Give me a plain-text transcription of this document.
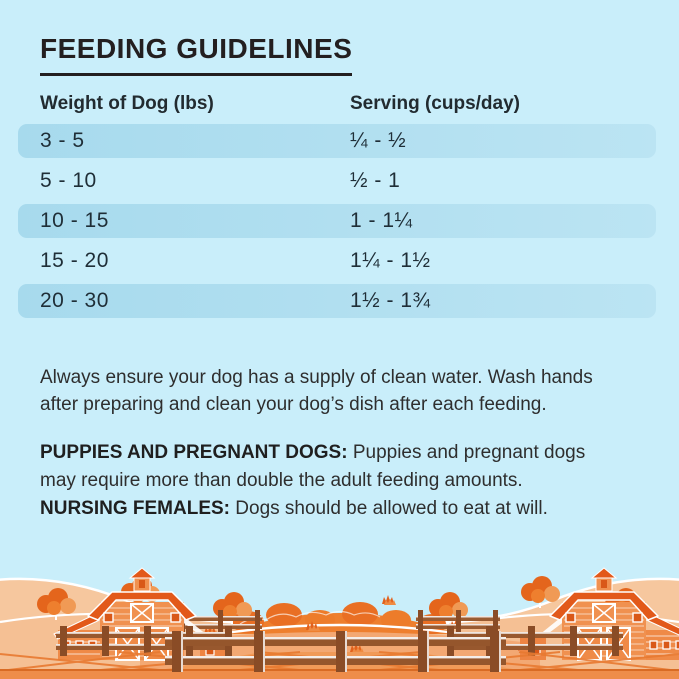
FEEDING GUIDELINES
Weight of Dog (lbs)	Serving (cups/day)
3 - 5	¼ - ½
5 - 10	½ - 1
10 - 15	1 - 1¼
15 - 20	1¼ - 1½
20 - 30	1½ - 1¾

Always ensure your dog has a supply of clean water. Wash hands after preparing and clean your dog’s dish after each feeding.

PUPPIES AND PREGNANT DOGS: Puppies and pregnant dogs may require more than double the adult feeding amounts.
NURSING FEMALES: Dogs should be allowed to eat at will.
